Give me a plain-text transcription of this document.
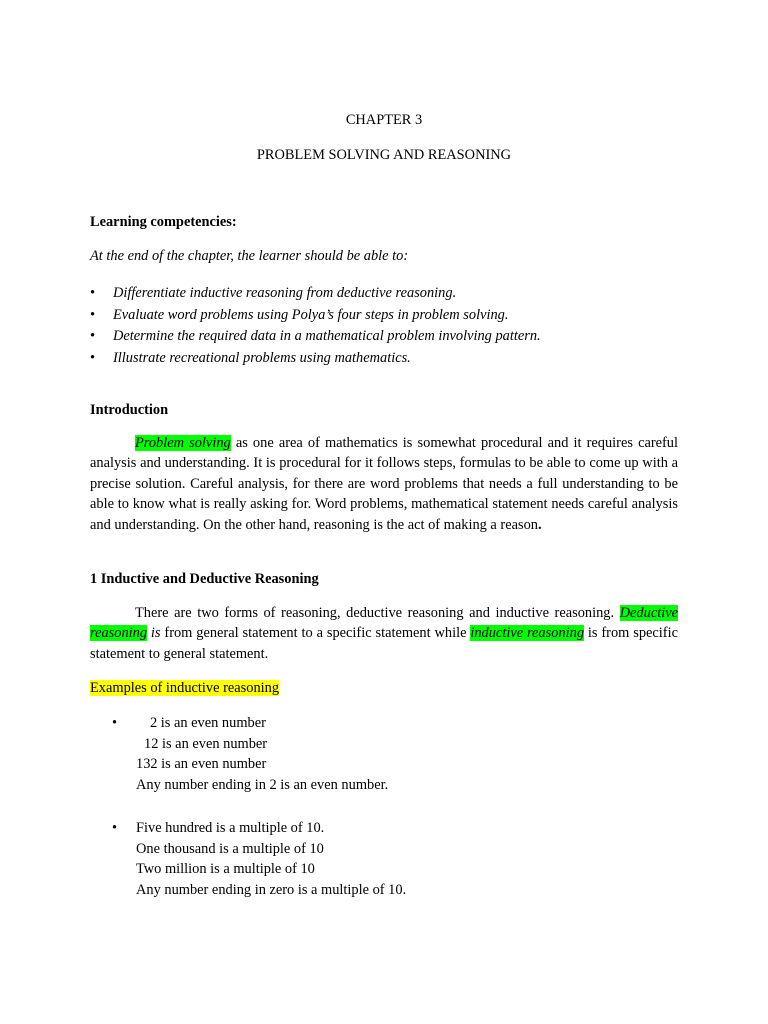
CHAPTER 3
PROBLEM SOLVING AND REASONING
Learning competencies:
At the end of the chapter, the learner should be able to:
• Differentiate inductive reasoning from deductive reasoning.
• Evaluate word problems using Polya’s four steps in problem solving.
• Determine the required data in a mathematical problem involving pattern.
• Illustrate recreational problems using mathematics.
Introduction

Problem solving as one area of mathematics is somewhat procedural and it requires careful analysis and understanding. It is procedural for it follows steps, formulas to be able to come up with a precise solution. Careful analysis, for there are word problems that needs a full understanding to be able to know what is really asking for. Word problems, mathematical statement needs careful analysis and understanding. On the other hand, reasoning is the act of making a reason.

1 Inductive and Deductive Reasoning

There are two forms of reasoning, deductive reasoning and inductive reasoning. Deductive reasoning is from general statement to a specific statement while inductive reasoning is from specific statement to general statement.

Examples of inductive reasoning
• 2 is an even number
12 is an even number
132 is an even number
Any number ending in 2 is an even number.
• Five hundred is a multiple of 10.
One thousand is a multiple of 10
Two million is a multiple of 10
Any number ending in zero is a multiple of 10.
